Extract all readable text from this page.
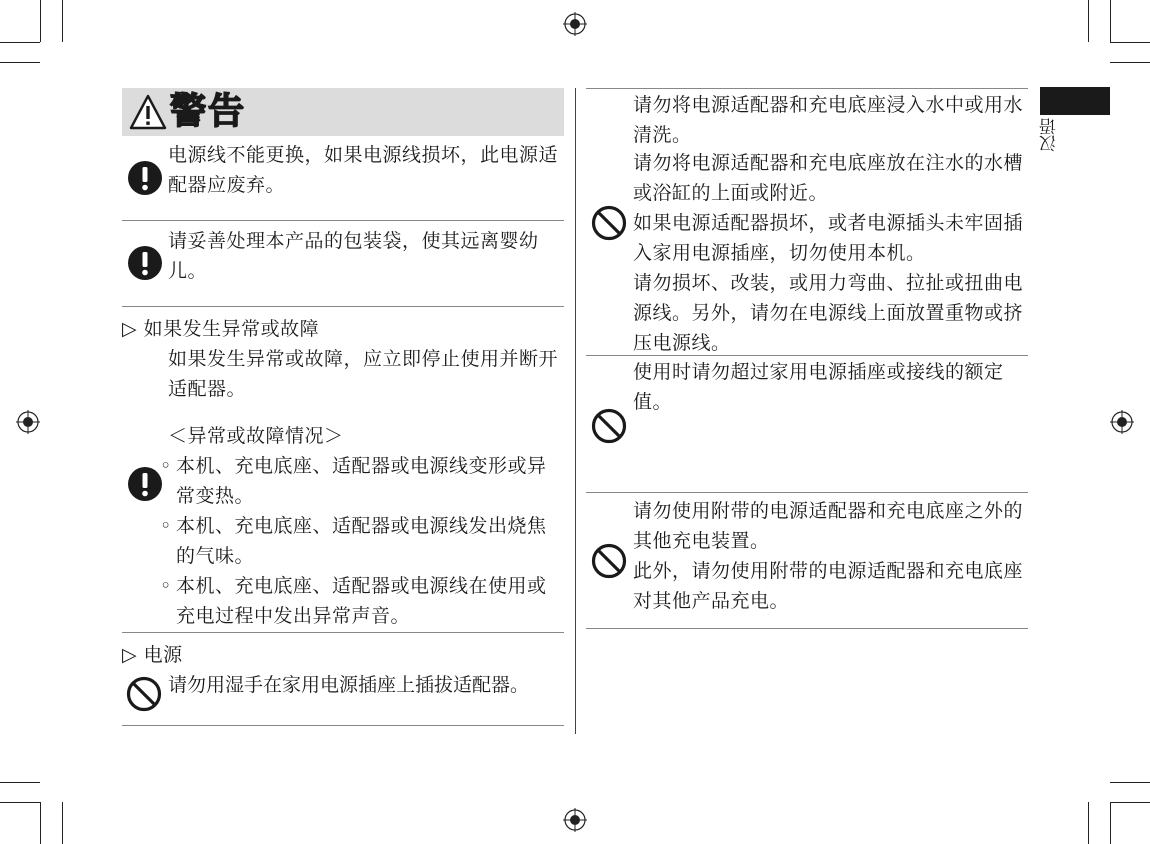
警告
电源线不能更换，如果电源线损坏，此电源适配器应废弃。
请妥善处理本产品的包装袋，使其远离婴幼儿。
▷ 如果发生异常或故障
如果发生异常或故障，应立即停止使用并断开适配器。
＜异常或故障情况＞
◦ 本机、充电底座、适配器或电源线变形或异常变热。
◦ 本机、充电底座、适配器或电源线发出烧焦的气味。
◦ 本机、充电底座、适配器或电源线在使用或充电过程中发出异常声音。
▷ 电源
请勿用湿手在家用电源插座上插拔适配器。
请勿将电源适配器和充电底座浸入水中或用水清洗。
请勿将电源适配器和充电底座放在注水的水槽或浴缸的上面或附近。
如果电源适配器损坏，或者电源插头未牢固插入家用电源插座，切勿使用本机。
请勿损坏、改装，或用力弯曲、拉扯或扭曲电源线。另外，请勿在电源线上面放置重物或挤压电源线。
使用时请勿超过家用电源插座或接线的额定值。
请勿使用附带的电源适配器和充电底座之外的其他充电装置。
此外，请勿使用附带的电源适配器和充电底座对其他产品充电。
汉语
